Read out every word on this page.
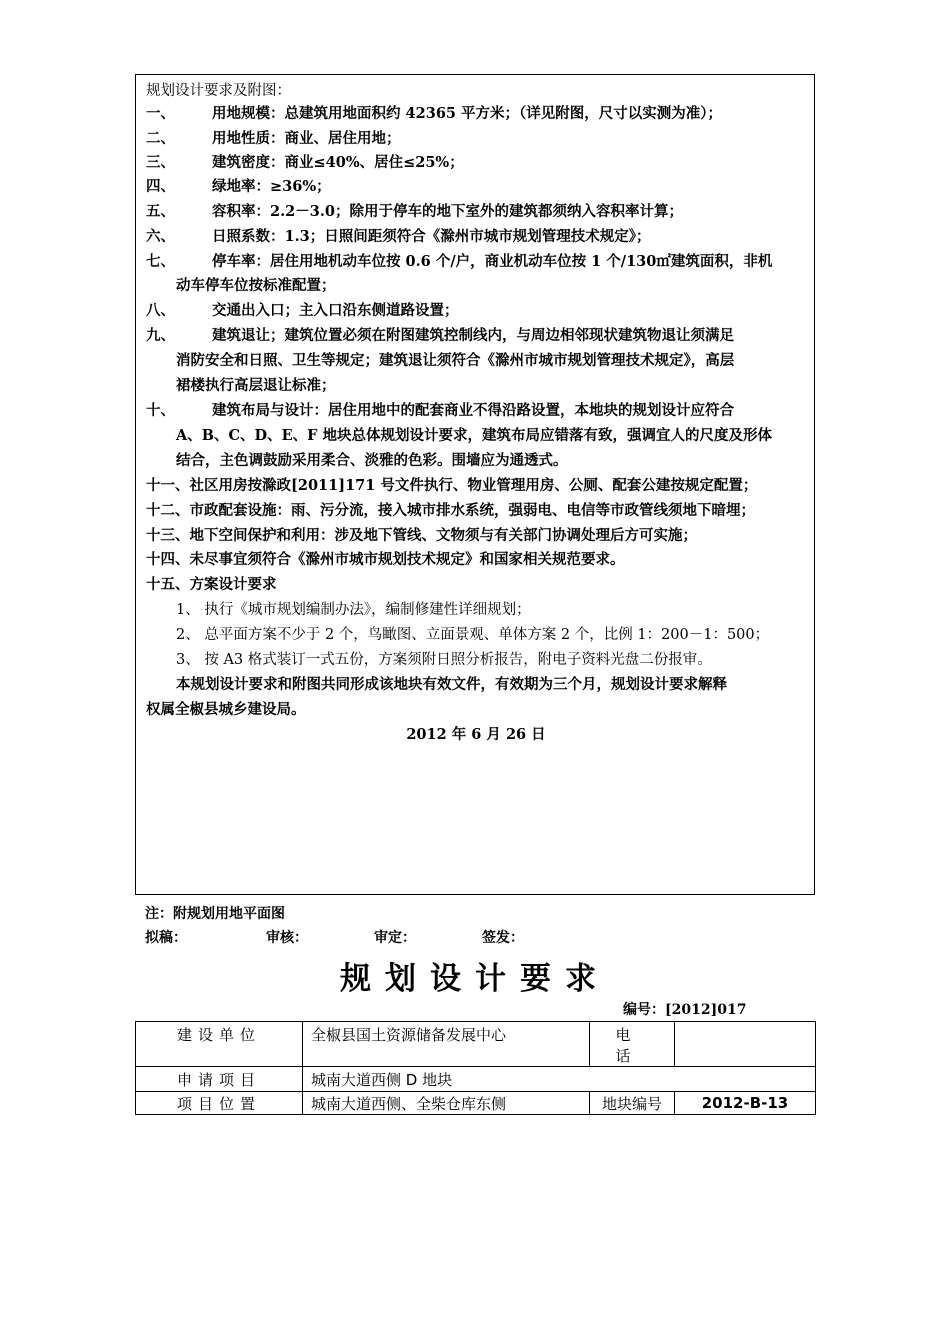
规划设计要求及附图：
一、	用地规模：总建筑用地面积约 42365 平方米；（详见附图，尺寸以实测为准）；
二、	用地性质：商业、居住用地；
三、	建筑密度：商业≤40%、居住≤25%；
四、	绿地率：≥36%；
五、	容积率：2.2－3.0；除用于停车的地下室外的建筑都须纳入容积率计算；
六、	日照系数：1.3；日照间距须符合《滁州市城市规划管理技术规定》；
七、	停车率：居住用地机动车位按 0.6 个/户，商业机动车位按 1 个/130㎡建筑面积，非机
动车停车位按标准配置；
八、	交通出入口；主入口沿东侧道路设置；
九、	建筑退让；建筑位置必须在附图建筑控制线内，与周边相邻现状建筑物退让须满足
消防安全和日照、卫生等规定；建筑退让须符合《滁州市城市规划管理技术规定》，高层
裙楼执行高层退让标准；
十、	建筑布局与设计：居住用地中的配套商业不得沿路设置，本地块的规划设计应符合
A、B、C、D、E、F 地块总体规划设计要求，建筑布局应错落有致，强调宜人的尺度及形体
结合，主色调鼓励采用柔合、淡雅的色彩。围墙应为通透式。
十一、社区用房按滁政[2011]171 号文件执行、物业管理用房、公厕、配套公建按规定配置；
十二、市政配套设施：雨、污分流，接入城市排水系统，强弱电、电信等市政管线须地下暗埋；
十三、地下空间保护和利用：涉及地下管线、文物须与有关部门协调处理后方可实施；
十四、未尽事宜须符合《滁州市城市规划技术规定》和国家相关规范要求。
十五、方案设计要求
1、 执行《城市规划编制办法》，编制修建性详细规划；
2、 总平面方案不少于 2 个，鸟瞰图、立面景观、单体方案 2 个，比例 1：200－1：500；
3、 按 A3 格式装订一式五份，方案须附日照分析报告，附电子资料光盘二份报审。
本规划设计要求和附图共同形成该地块有效文件，有效期为三个月，规划设计要求解释
权属全椒县城乡建设局。
2012 年 6 月 26 日
注：附规划用地平面图
拟稿：	审核：	审定：	签发：
规划设计要求
编号：[2012]017
建设单位	全椒县国土资源储备发展中心	电 话	
申请项目	城南大道西侧 D 地块		
项目位置	城南大道西侧、全柴仓库东侧	地块编号	2012-B-13
